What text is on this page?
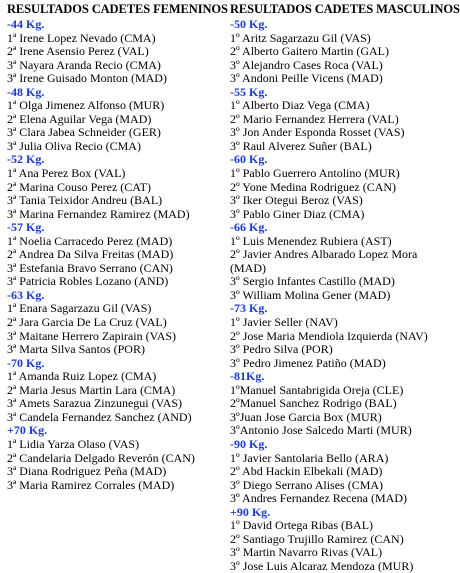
RESULTADOS CADETES FEMENINOS
-44 Kg.
1ª Irene Lopez Nevado (CMA)
2ª Irene Asensio Perez (VAL)
3ª Nayara Aranda Recio (CMA)
3ª Irene Guisado Monton (MAD)
-48 Kg.
1ª Olga Jimenez Alfonso (MUR)
2ª Elena Aguilar Vega (MAD)
3ª Clara Jabea Schneider (GER)
3ª Julia Oliva Recio (CMA)
-52 Kg.
1ª Ana Perez Box (VAL)
2ª Marina Couso Perez (CAT)
3ª Tania Teixidor Andreu (BAL)
3ª Marina Fernandez Ramirez (MAD)
-57 Kg.
1ª Noelia Carracedo Perez (MAD)
2ª Andrea Da Silva Freitas (MAD)
3ª Estefania Bravo Serrano (CAN)
3ª Patricia Robles Lozano (AND)
-63 Kg.
1ª Enara Sagarzazu Gil (VAS)
2ª Jara Garcia De La Cruz (VAL)
3ª Maitane Herrero Zapirain (VAS)
3ª Marta Silva Santos (POR)
-70 Kg.
1ª Amanda Ruiz Lopez (CMA)
2ª Maria Jesus Martin Lara (CMA)
3ª Amets Sarazua Zinzunegui (VAS)
3ª Candela Fernandez Sanchez (AND)
+70 Kg.
1ª Lidia Yarza Olaso (VAS)
2ª Candelaria Delgado Reverón (CAN)
3ª Diana Rodriguez Peña (MAD)
3ª Maria Ramirez Corrales (MAD)
RESULTADOS CADETES MASCULINOS
-50 Kg.
1º Aritz Sagarzazu Gil (VAS)
2º Alberto Gaitero Martin (GAL)
3º Alejandro Cases Roca (VAL)
3º Andoni Peille Vicens (MAD)
-55 Kg.
1º Alberto Diaz Vega (CMA)
2º Mario Fernandez Herrera (VAL)
3º Jon Ander Esponda Rosset (VAS)
3º Raul Alverez Suñer (BAL)
-60 Kg.
1º Pablo Guerrero Antolino (MUR)
2º Yone Medina Rodriguez (CAN)
3º Iker Otegui Beroz (VAS)
3º Pablo Giner Diaz (CMA)
-66 Kg.
1º Luis Menendez Rubiera (AST)
2º Javier Andres Albarado Lopez Mora (MAD)
3º Sergio Infantes Castillo (MAD)
3º William Molina Gener (MAD)
-73 Kg.
1º Javier Seller (NAV)
2º Jose Maria Mendiola Izquierda (NAV)
3º Pedro Silva (POR)
3º Pedro Jimenez Patiño (MAD)
-81Kg.
1ºManuel Santabrigida Oreja (CLE)
2ºManuel Sanchez Rodrigo (BAL)
3ºJuan Jose Garcia Box (MUR)
3ºAntonio Jose Salcedo Marti (MUR)
-90 Kg.
1º Javier Santolaria Bello (ARA)
2º Abd Hackin Elbekali (MAD)
3º Diego Serrano Alises (CMA)
3º Andres Fernandez Recena (MAD)
+90 Kg.
1º David Ortega Ribas (BAL)
2º Santiago Trujillo Ramirez (CAN)
3º Martin Navarro Rivas (VAL)
3º Jose Luis Alcaraz Mendoza (MUR)
